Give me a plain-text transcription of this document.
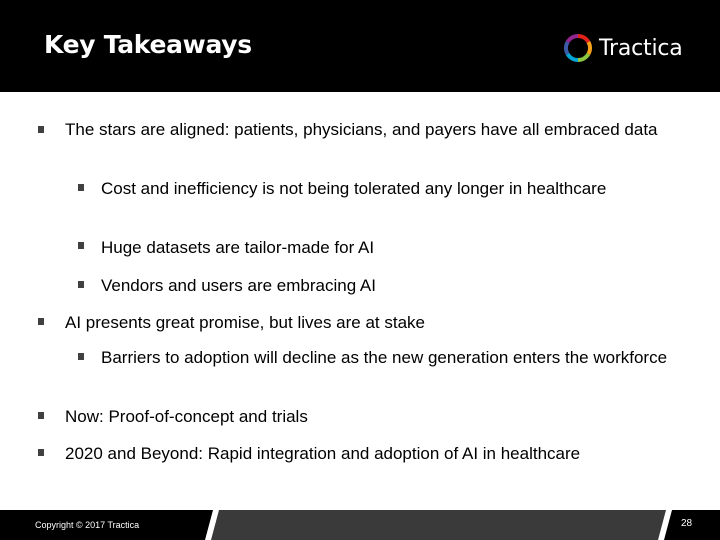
Key Takeaways	Tractica
The stars are aligned: patients, physicians, and payers have all embraced data
Cost and inefficiency is not being tolerated any longer in healthcare
Huge datasets are tailor-made for AI
Vendors and users are embracing AI
AI presents great promise, but lives are at stake
Barriers to adoption will decline as the new generation enters the workforce
Now: Proof-of-concept and trials
2020 and Beyond: Rapid integration and adoption of AI in healthcare
Copyright © 2017 Tractica	28
